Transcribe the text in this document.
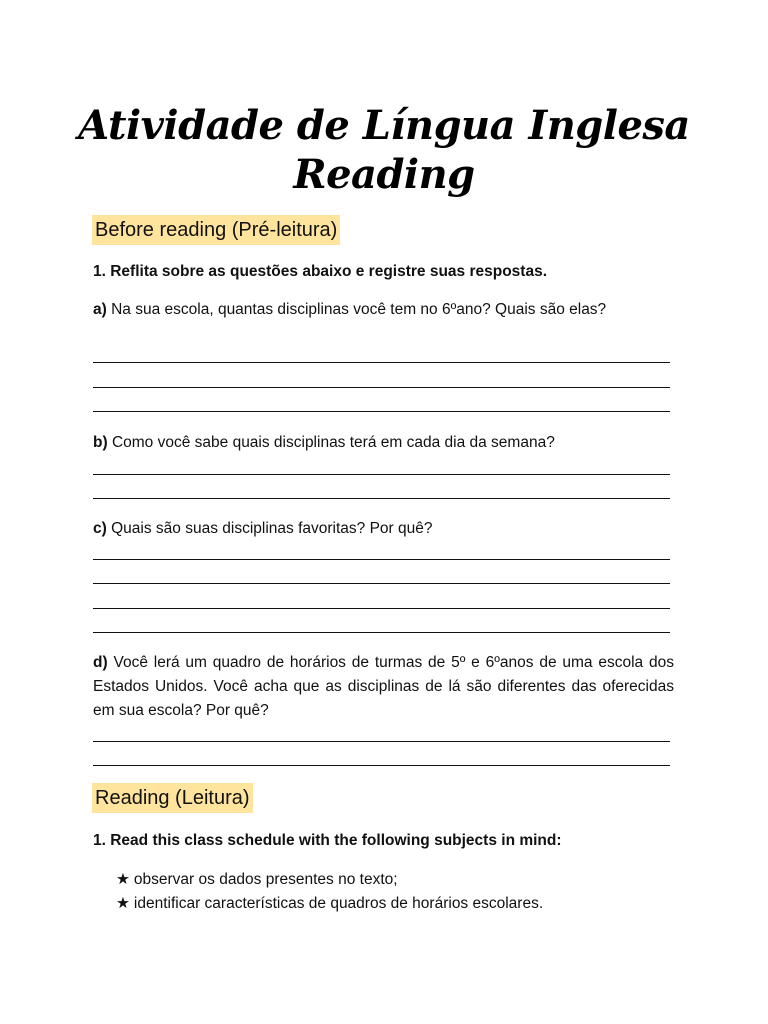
Atividade de Língua Inglesa
Reading
Before reading (Pré-leitura)
1. Reflita sobre as questões abaixo e registre suas respostas.
a) Na sua escola, quantas disciplinas você tem no 6ºano? Quais são elas?
b) Como você sabe quais disciplinas terá em cada dia da semana?
c) Quais são suas disciplinas favoritas? Por quê?
d) Você lerá um quadro de horários de turmas de 5º e 6ºanos de uma escola dos Estados Unidos. Você acha que as disciplinas de lá são diferentes das oferecidas em sua escola? Por quê?
Reading (Leitura)
1. Read this class schedule with the following subjects in mind:
★ observar os dados presentes no texto;
★ identificar características de quadros de horários escolares.
